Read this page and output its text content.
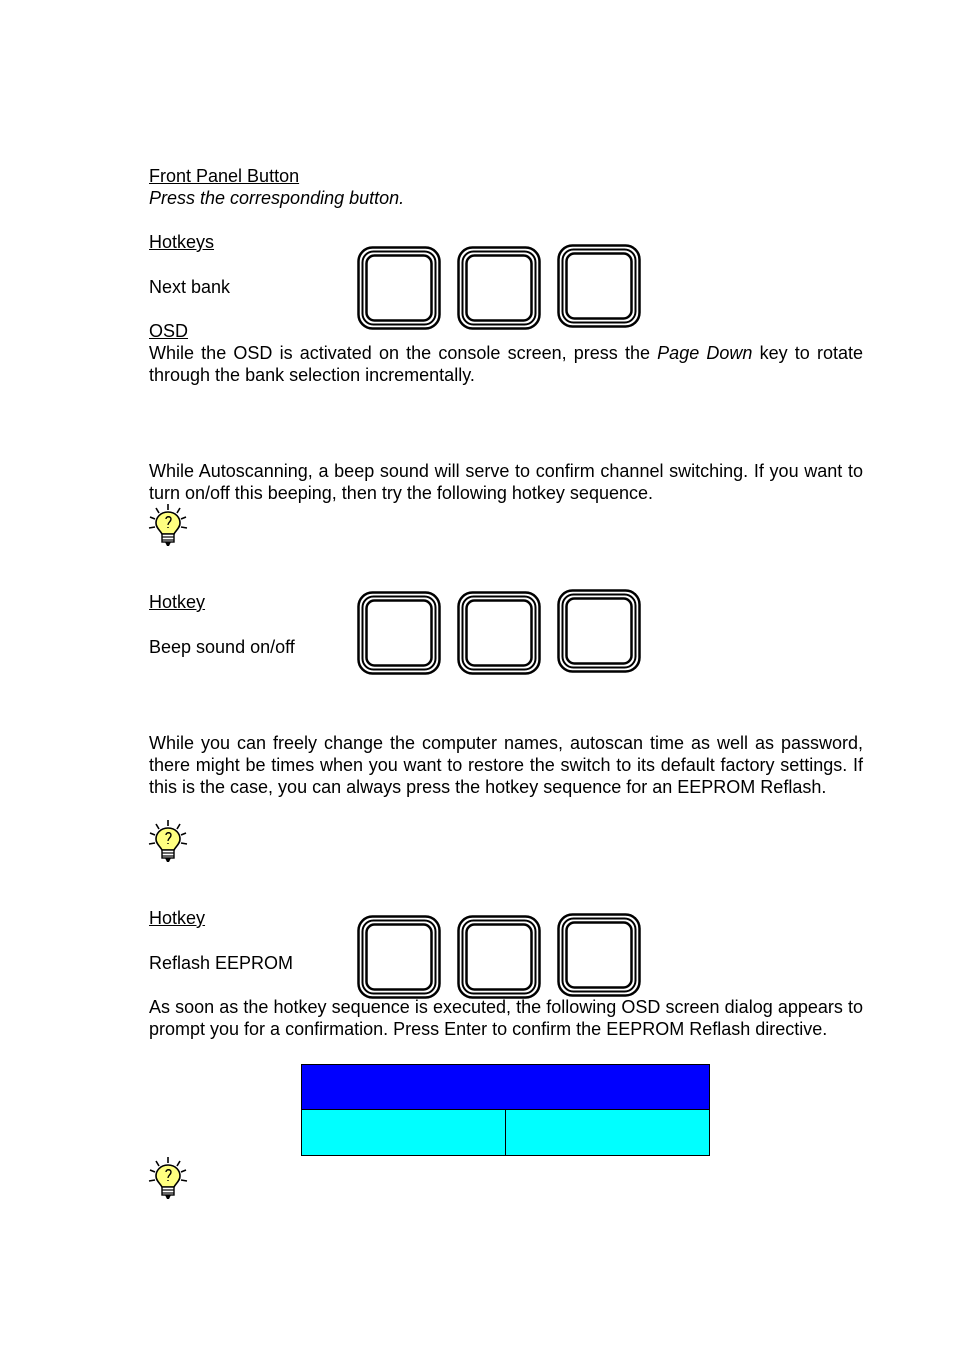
Front Panel Button
Press the corresponding button.
Hotkeys
Next bank
OSD
While the OSD is activated on the console screen, press the Page Down key to rotate through the bank selection incrementally.
While Autoscanning, a beep sound will serve to confirm channel switching. If you want to turn on/off this beeping, then try the following hotkey sequence.
Hotkey
Beep sound on/off
While you can freely change the computer names, autoscan time as well as password, there might be times when you want to restore the switch to its default factory settings. If this is the case, you can always press the hotkey sequence for an EEPROM Reflash.
Hotkey
Reflash EEPROM
As soon as the hotkey sequence is executed, the following OSD screen dialog appears to prompt you for a confirmation. Press Enter to confirm the EEPROM Reflash directive.
